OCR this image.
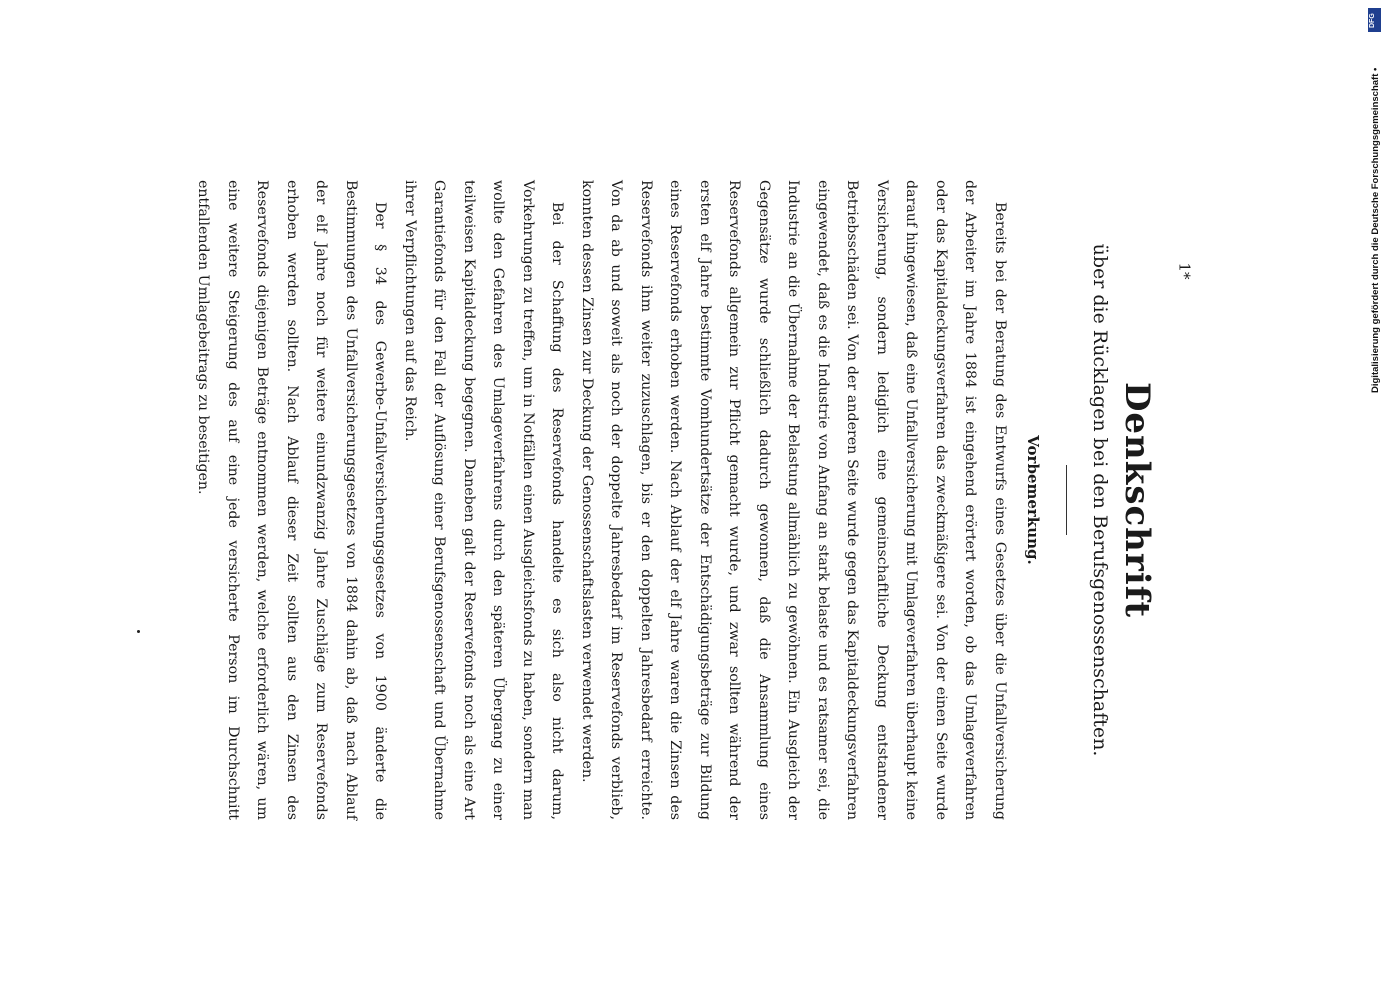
Denkschrift

über die Rücklagen bei den Berufsgenossenschaften.

Vorbemerkung.

Bereits bei der Beratung des Entwurfs eines Gesetzes über die Unfallversicherung der Arbeiter im Jahre 1884 ist eingehend erörtert worden, ob das Umlageverfahren oder das Kapitaldeckungsverfahren das zweckmäßigere sei. Von der einen Seite wurde darauf hingewiesen, daß eine Unfallversicherung mit Umlageverfahren überhaupt keine Versicherung, sondern lediglich eine gemeinschaftliche Deckung entstandener Betriebsschäden sei. Von der anderen Seite wurde gegen das Kapitaldeckungsverfahren eingewendet, daß es die Industrie von Anfang an stark belaste und es ratsamer sei, die Industrie an die Übernahme der Belastung allmählich zu gewöhnen. Ein Ausgleich der Gegensätze wurde schließlich dadurch gewonnen, daß die Ansammlung eines Reservefonds allgemein zur Pflicht gemacht wurde, und zwar sollten während der ersten elf Jahre bestimmte Vomhundertsätze der Entschädigungsbeträge zur Bildung eines Reservefonds erhoben werden. Nach Ablauf der elf Jahre waren die Zinsen des Reservefonds ihm weiter zuzuschlagen, bis er den doppelten Jahresbedarf erreichte. Von da ab und soweit als noch der doppelte Jahresbedarf im Reservefonds verblieb, konnten dessen Zinsen zur Deckung der Genossenschaftslasten verwendet werden.

Bei der Schaffung des Reservefonds handelte es sich also nicht darum, Vorkehrungen zu treffen, um in Notfällen einen Ausgleichsfonds zu haben, sondern man wollte den Gefahren des Umlageverfahrens durch den späteren Übergang zu einer teilweisen Kapitaldeckung begegnen. Daneben galt der Reservefonds noch als eine Art Garantiefonds für den Fall der Auflösung einer Berufsgenossenschaft und Übernahme ihrer Verpflichtungen auf das Reich.

Der § 34 des Gewerbe-Unfallversicherungsgesetzes von 1900 änderte die Bestimmungen des Unfallversicherungsgesetzes von 1884 dahin ab, daß nach Ablauf der elf Jahre noch für weitere einundzwanzig Jahre Zuschläge zum Reservefonds erhoben werden sollten. Nach Ablauf dieser Zeit sollten aus den Zinsen des Reservefonds diejenigen Beträge entnommen werden, welche erforderlich wären, um eine weitere Steigerung des auf eine jede versicherte Person im Durchschnitt entfallenden Umlagebeitrags zu beseitigen.	1*
DFG
Digitalisierung gefördert durch die Deutsche Forschungsgemeinschaft •
